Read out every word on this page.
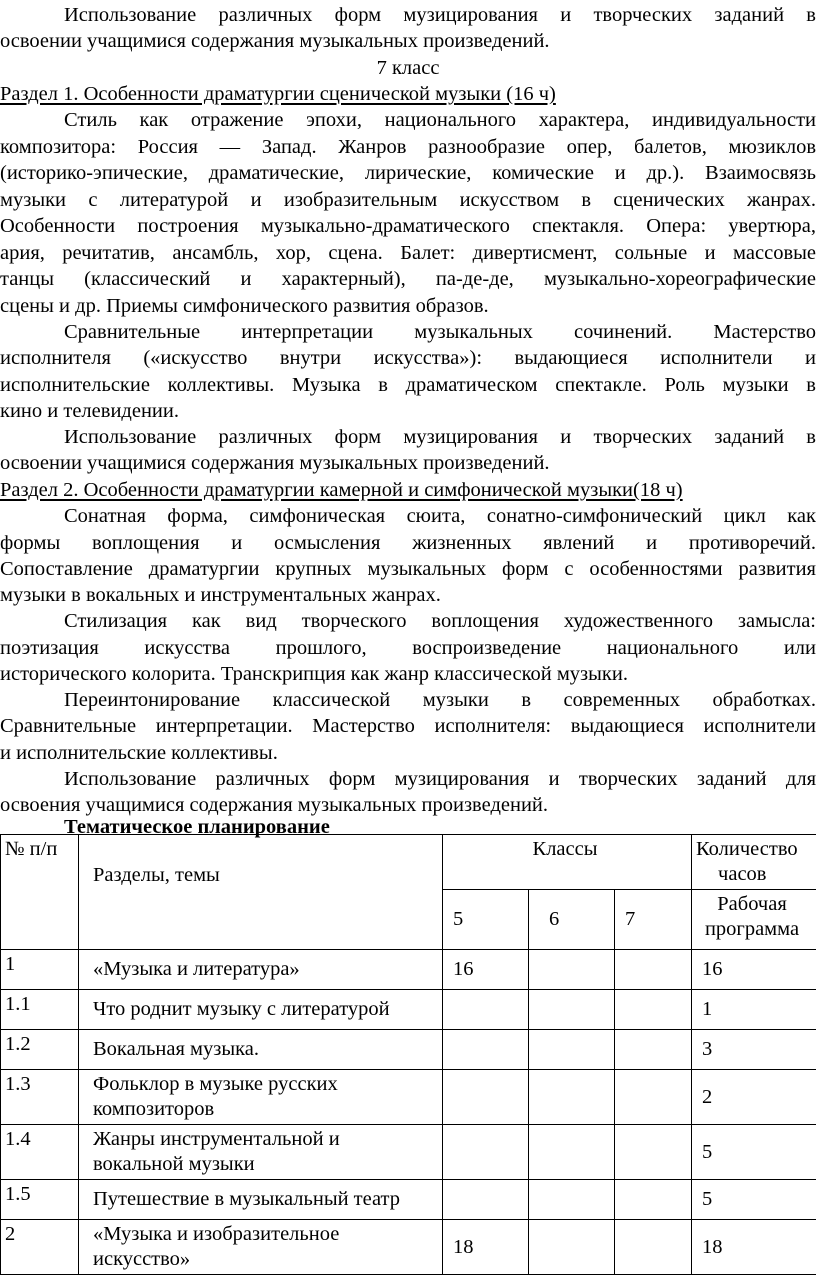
Использование различных форм музицирования и творческих заданий в
освоении учащимися содержания музыкальных произведений.
7 класс
Раздел 1. Особенности драматургии сценической музыки (16 ч)
Стиль как отражение эпохи, национального характера, индивидуальности
композитора: Россия — Запад. Жанров разнообразие опер, балетов, мюзиклов
(историко-эпические, драматические, лирические, комические и др.). Взаимосвязь
музыки с литературой и изобразительным искусством в сценических жанрах.
Особенности построения музыкально-драматического спектакля. Опера: увертюра,
ария, речитатив, ансамбль, хор, сцена. Балет: дивертисмент, сольные и массовые
танцы (классический и характерный), па-де-де, музыкально-хореографические
сцены и др. Приемы симфонического развития образов.
Сравнительные интерпретации музыкальных сочинений. Мастерство
исполнителя («искусство внутри искусства»): выдающиеся исполнители и
исполнительские коллективы. Музыка в драматическом спектакле. Роль музыки в
кино и телевидении.
Использование различных форм музицирования и творческих заданий в
освоении учащимися содержания музыкальных произведений.
Раздел 2. Особенности драматургии камерной и симфонической музыки(18 ч)
Сонатная форма, симфоническая сюита, сонатно-симфонический цикл как
формы воплощения и осмысления жизненных явлений и противоречий.
Сопоставление драматургии крупных музыкальных форм с особенностями развития
музыки в вокальных и инструментальных жанрах.
Стилизация как вид творческого воплощения художественного замысла:
поэтизация искусства прошлого, воспроизведение национального или
исторического колорита. Транскрипция как жанр классической музыки.
Переинтонирование классической музыки в современных обработках.
Сравнительные интерпретации. Мастерство исполнителя: выдающиеся исполнители
и исполнительские коллективы.
Использование различных форм музицирования и творческих заданий для
освоения учащимися содержания музыкальных произведений.
Тематическое планирование
№ п/п	Разделы, темы	Классы			Количество
часов

		5	6	7	Рабочая
программа

1	«Музыка и литература»	16			16
1.1	Что роднит музыку с литературой				1
1.2	Вокальная музыка.				3
1.3	Фольклор в музыке русских
композиторов				2
1.4	Жанры инструментальной и
вокальной музыки				5
1.5	Путешествие в музыкальный театр				5
2	«Музыка и изобразительное
искусство»	18			18
